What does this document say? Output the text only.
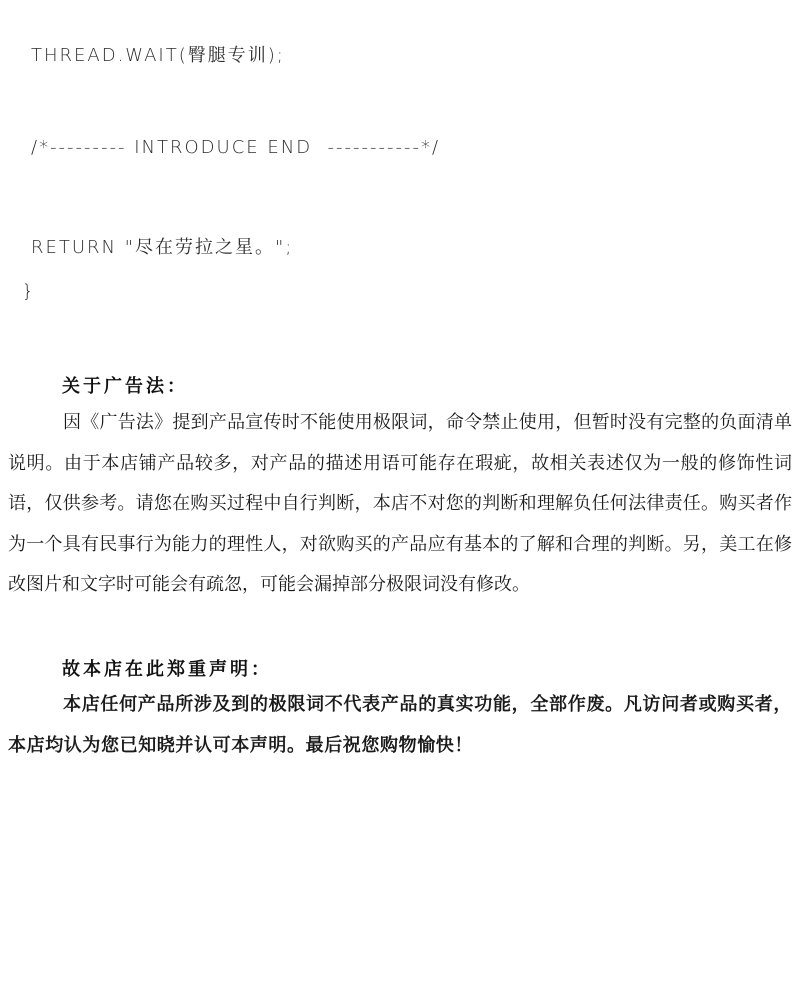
THREAD.WAIT(臀腿专训);
/*--------- INTRODUCE END  -----------*/
RETURN "尽在劳拉之星。";
}
关于广告法：
因《广告法》提到产品宣传时不能使用极限词，命令禁止使用，但暂时没有完整的负面清单说明。由于本店铺产品较多，对产品的描述用语可能存在瑕疵，故相关表述仅为一般的修饰性词语，仅供参考。请您在购买过程中自行判断，本店不对您的判断和理解负任何法律责任。购买者作为一个具有民事行为能力的理性人，对欲购买的产品应有基本的了解和合理的判断。另，美工在修改图片和文字时可能会有疏忽，可能会漏掉部分极限词没有修改。
故本店在此郑重声明：
本店任何产品所涉及到的极限词不代表产品的真实功能，全部作废。凡访问者或购买者，本店均认为您已知晓并认可本声明。最后祝您购物愉快！
